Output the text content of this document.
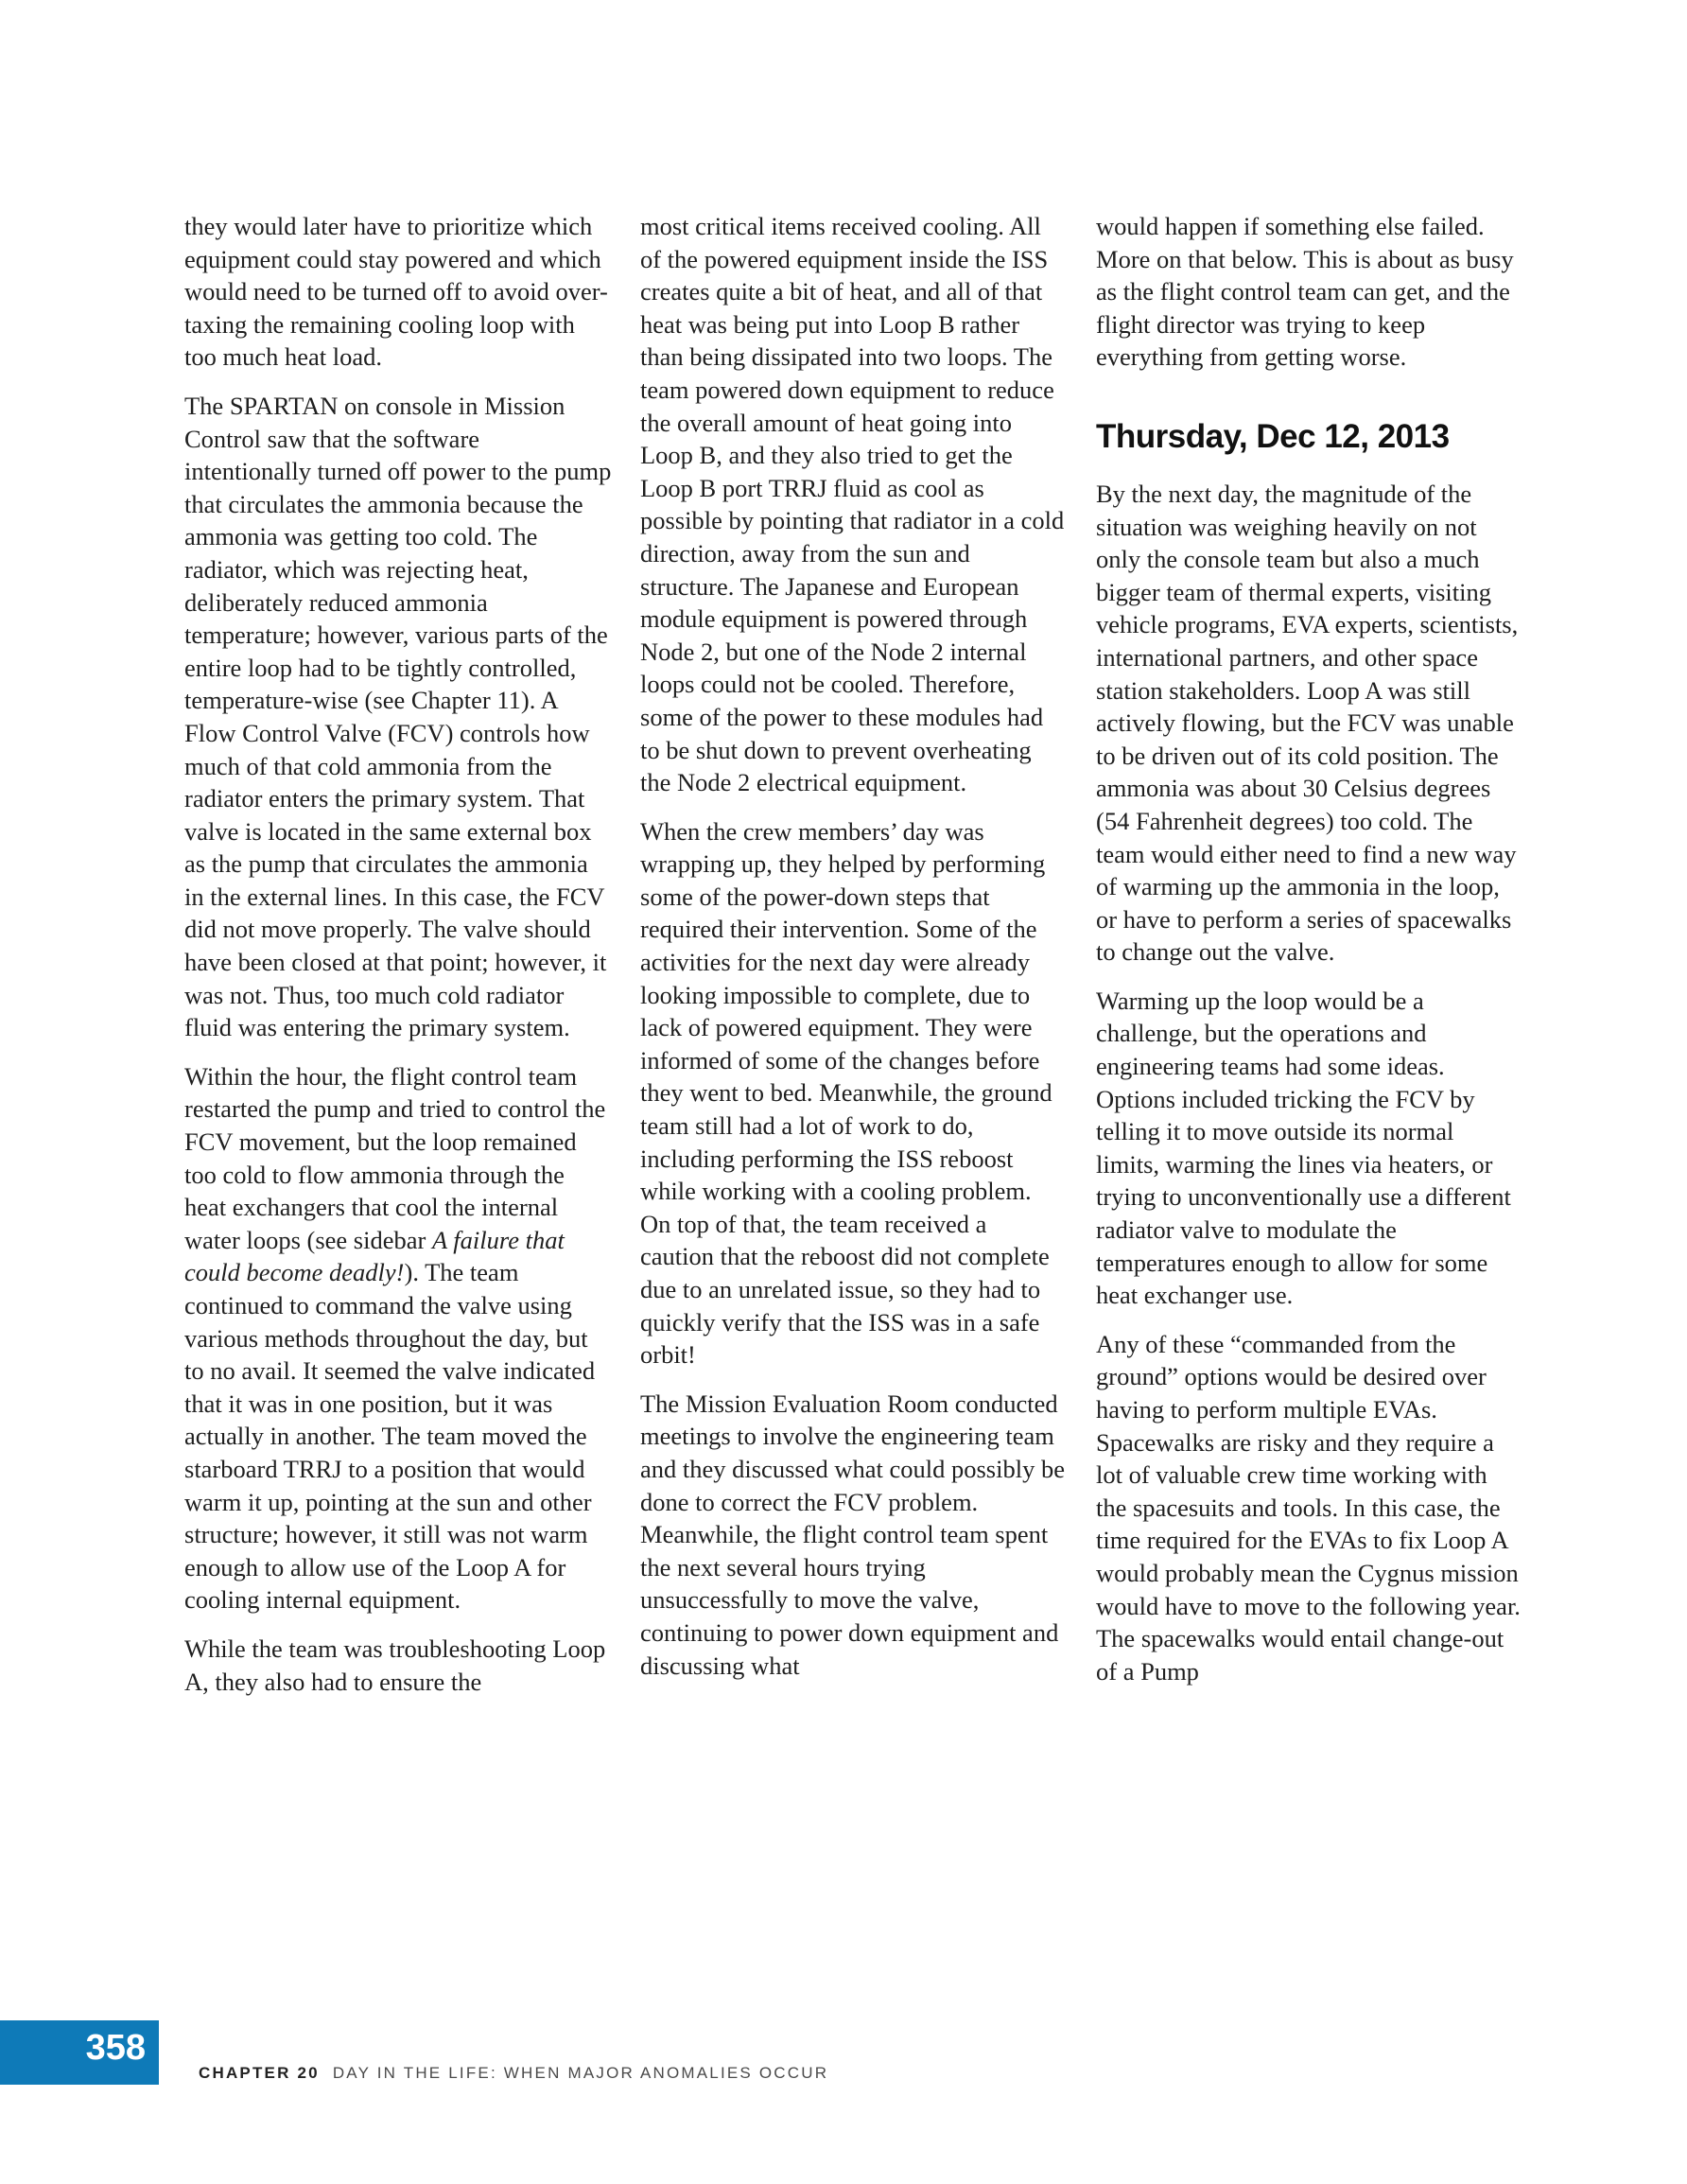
they would later have to prioritize which equipment could stay powered and which would need to be turned off to avoid over-taxing the remaining cooling loop with too much heat load.

The SPARTAN on console in Mission Control saw that the software intentionally turned off power to the pump that circulates the ammonia because the ammonia was getting too cold. The radiator, which was rejecting heat, deliberately reduced ammonia temperature; however, various parts of the entire loop had to be tightly controlled, temperature-wise (see Chapter 11). A Flow Control Valve (FCV) controls how much of that cold ammonia from the radiator enters the primary system. That valve is located in the same external box as the pump that circulates the ammonia in the external lines. In this case, the FCV did not move properly. The valve should have been closed at that point; however, it was not. Thus, too much cold radiator fluid was entering the primary system.

Within the hour, the flight control team restarted the pump and tried to control the FCV movement, but the loop remained too cold to flow ammonia through the heat exchangers that cool the internal water loops (see sidebar A failure that could become deadly!). The team continued to command the valve using various methods throughout the day, but to no avail. It seemed the valve indicated that it was in one position, but it was actually in another. The team moved the starboard TRRJ to a position that would warm it up, pointing at the sun and other structure; however, it still was not warm enough to allow use of the Loop A for cooling internal equipment.

While the team was troubleshooting Loop A, they also had to ensure the

most critical items received cooling. All of the powered equipment inside the ISS creates quite a bit of heat, and all of that heat was being put into Loop B rather than being dissipated into two loops. The team powered down equipment to reduce the overall amount of heat going into Loop B, and they also tried to get the Loop B port TRRJ fluid as cool as possible by pointing that radiator in a cold direction, away from the sun and structure. The Japanese and European module equipment is powered through Node 2, but one of the Node 2 internal loops could not be cooled. Therefore, some of the power to these modules had to be shut down to prevent overheating the Node 2 electrical equipment.

When the crew members’ day was wrapping up, they helped by performing some of the power-down steps that required their intervention. Some of the activities for the next day were already looking impossible to complete, due to lack of powered equipment. They were informed of some of the changes before they went to bed. Meanwhile, the ground team still had a lot of work to do, including performing the ISS reboost while working with a cooling problem. On top of that, the team received a caution that the reboost did not complete due to an unrelated issue, so they had to quickly verify that the ISS was in a safe orbit!

The Mission Evaluation Room conducted meetings to involve the engineering team and they discussed what could possibly be done to correct the FCV problem. Meanwhile, the flight control team spent the next several hours trying unsuccessfully to move the valve, continuing to power down equipment and discussing what

would happen if something else failed. More on that below. This is about as busy as the flight control team can get, and the flight director was trying to keep everything from getting worse.

Thursday, Dec 12, 2013

By the next day, the magnitude of the situation was weighing heavily on not only the console team but also a much bigger team of thermal experts, visiting vehicle programs, EVA experts, scientists, international partners, and other space station stakeholders. Loop A was still actively flowing, but the FCV was unable to be driven out of its cold position. The ammonia was about 30 Celsius degrees (54 Fahrenheit degrees) too cold. The team would either need to find a new way of warming up the ammonia in the loop, or have to perform a series of spacewalks to change out the valve.

Warming up the loop would be a challenge, but the operations and engineering teams had some ideas. Options included tricking the FCV by telling it to move outside its normal limits, warming the lines via heaters, or trying to unconventionally use a different radiator valve to modulate the temperatures enough to allow for some heat exchanger use.

Any of these “commanded from the ground” options would be desired over having to perform multiple EVAs. Spacewalks are risky and they require a lot of valuable crew time working with the spacesuits and tools. In this case, the time required for the EVAs to fix Loop A would probably mean the Cygnus mission would have to move to the following year. The spacewalks would entail change-out of a Pump

358
CHAPTER 20 DAY IN THE LIFE: WHEN MAJOR ANOMALIES OCCUR
